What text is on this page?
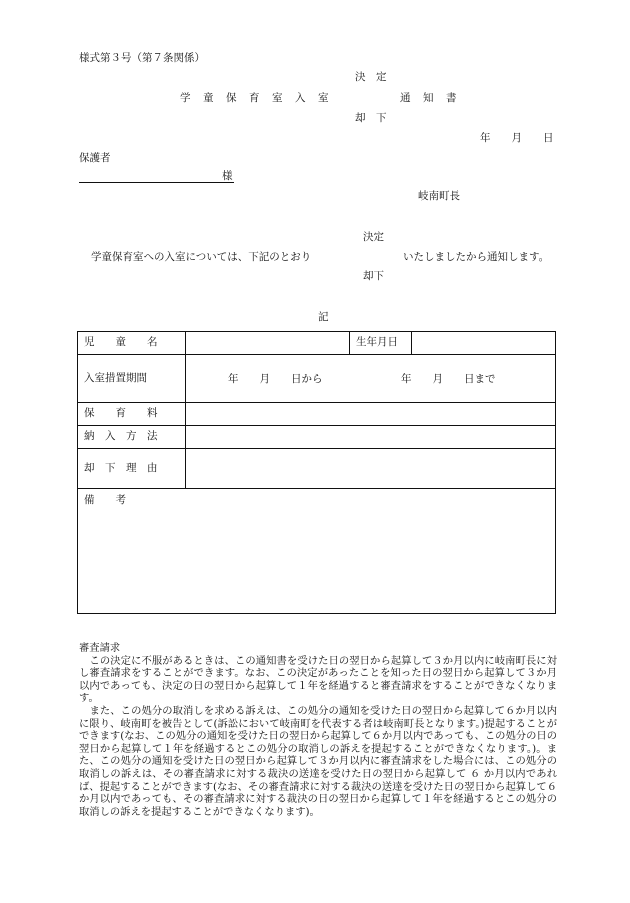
様式第３号（第７条関係）
決　定
学　童　保　育　室　入　室	通　知　書
却　下
年　　月　　日
保護者
様
岐南町長
決定
学童保育室への入室については、下記のとおり	いたしましたから通知します。
却下
記
児　　童　　名		生年月日	
入室措置期間	年　　月　　日から 年　　月　　日まで		

保　　育　　料			
納　入　方　法			
却　下　理　由			
備　　考			

審査請求

この決定に不服があるときは、この通知書を受けた日の翌日から起算して３か月以内に岐南町長に対し審査請求をすることができます。なお、この決定があったことを知った日の翌日から起算して３か月以内であっても、決定の日の翌日から起算して１年を経過すると審査請求をすることができなくなります。

また、この処分の取消しを求める訴えは、この処分の通知を受けた日の翌日から起算して６か月以内に限り、岐南町を被告として(訴訟において岐南町を代表する者は岐南町長となります。)提起することができます(なお、この処分の通知を受けた日の翌日から起算して６か月以内であっても、この処分の日の翌日から起算して１年を経過するとこの処分の取消しの訴えを提起することができなくなります。)。また、この処分の通知を受けた日の翌日から起算して３か月以内に審査請求をした場合には、この処分の取消しの訴えは、その審査請求に対する裁決の送達を受けた日の翌日から起算して ６ か月以内であれば、提起することができます(なお、その審査請求に対する裁決の送達を受けた日の翌日から起算して６か月以内であっても、その審査請求に対する裁決の日の翌日から起算して１年を経過するとこの処分の取消しの訴えを提起することができなくなります)。
